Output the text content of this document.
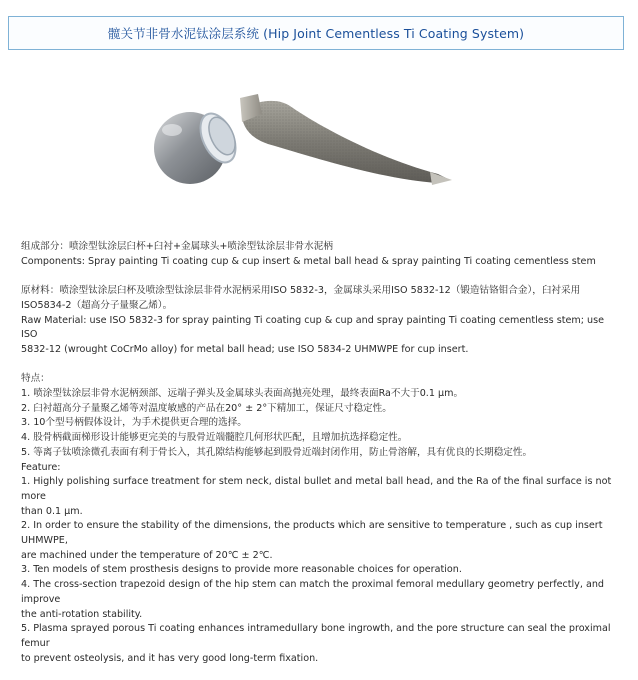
髋关节非骨水泥钛涂层系统 (Hip Joint Cementless Ti Coating System)

组成部分：喷涂型钛涂层臼杯+臼衬+金属球头+喷涂型钛涂层非骨水泥柄

Components: Spray painting Ti coating cup & cup insert & metal ball head & spray painting Ti coating cementless stem

原材料：喷涂型钛涂层臼杯及喷涂型钛涂层非骨水泥柄采用ISO 5832-3，金属球头采用ISO 5832-12（锻造钴铬钼合金），臼衬采用

ISO5834-2（超高分子量聚乙烯）。

Raw Material: use ISO 5832-3 for spray painting Ti coating cup & cup and spray painting Ti coating cementless stem; use ISO

5832-12 (wrought CoCrMo alloy) for metal ball head; use ISO 5834-2 UHMWPE for cup insert.

特点：

1. 喷涂型钛涂层非骨水泥柄颈部、远端子弹头及金属球头表面高抛亮处理，最终表面Ra不大于0.1 μm。
2. 臼衬超高分子量聚乙烯等对温度敏感的产品在20° ± 2°下精加工，保证尺寸稳定性。
3. 10个型号柄假体设计，为手术提供更合理的选择。
4. 股骨柄截面梯形设计能够更完美的与股骨近端髓腔几何形状匹配，且增加抗选择稳定性。
5. 等离子钛喷涂微孔表面有利于骨长入，其孔隙结构能够起到股骨近端封闭作用，防止骨溶解，具有优良的长期稳定性。

Feature:

1. Highly polishing surface treatment for stem neck, distal bullet and metal ball head, and the Ra of the final surface is not more
than 0.1 μm.
2. In order to ensure the stability of the dimensions, the products which are sensitive to temperature , such as cup insert UHMWPE,
are machined under the temperature of 20℃ ± 2℃.
3. Ten models of stem prosthesis designs to provide more reasonable choices for operation.
4. The cross-section trapezoid design of the hip stem can match the proximal femoral medullary geometry perfectly, and improve
the anti-rotation stability.
5. Plasma sprayed porous Ti coating enhances intramedullary bone ingrowth, and the pore structure can seal the proximal femur
to prevent osteolysis, and it has very good long-term fixation.
